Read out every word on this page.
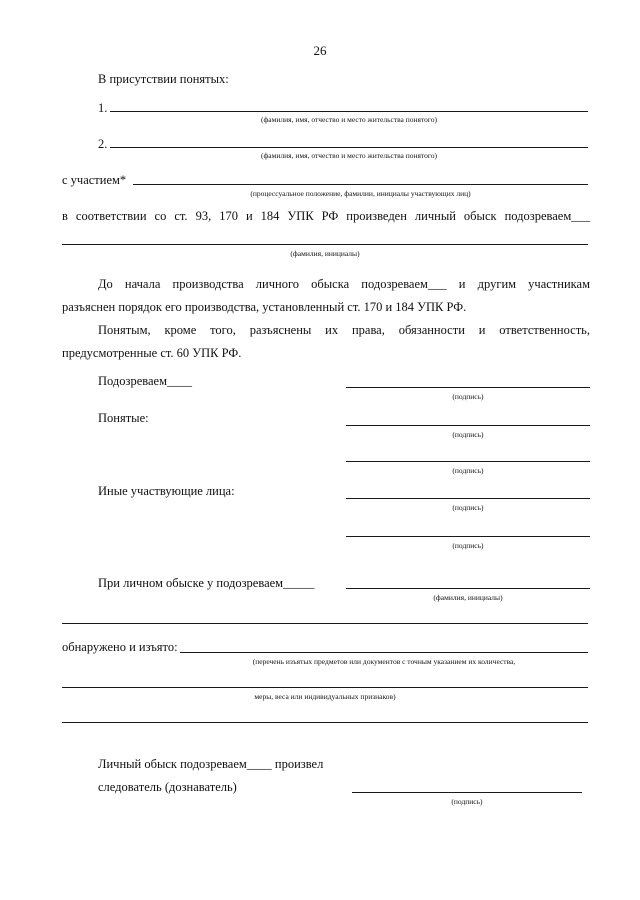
26
В присутствии понятых:
1.
(фамилия, имя, отчество и место жительства понятого)
2.
(фамилия, имя, отчество и место жительства понятого)
с участием*
(процессуальное положение, фамилии, инициалы участвующих лиц)
в соответствии со ст. 93, 170 и 184 УПК РФ произведен личный обыск подозреваем___
(фамилия, инициалы)
До начала производства личного обыска подозреваем___ и другим участникам
разъяснен порядок его производства, установленный ст. 170 и 184 УПК РФ.
Понятым, кроме того, разъяснены их права, обязанности и ответственность,
предусмотренные ст. 60 УПК РФ.
Подозреваем____
(подпись)
Понятые:
(подпись)
(подпись)
Иные участвующие лица:
(подпись)
(подпись)
При личном обыске у подозреваем_____
(фамилия, инициалы)
обнаружено и изъято:
(перечень изъятых предметов или документов с точным указанием их количества,
меры, веса или индивидуальных признаков)
Личный обыск подозреваем____ произвел
следователь (дознаватель)
(подпись)
